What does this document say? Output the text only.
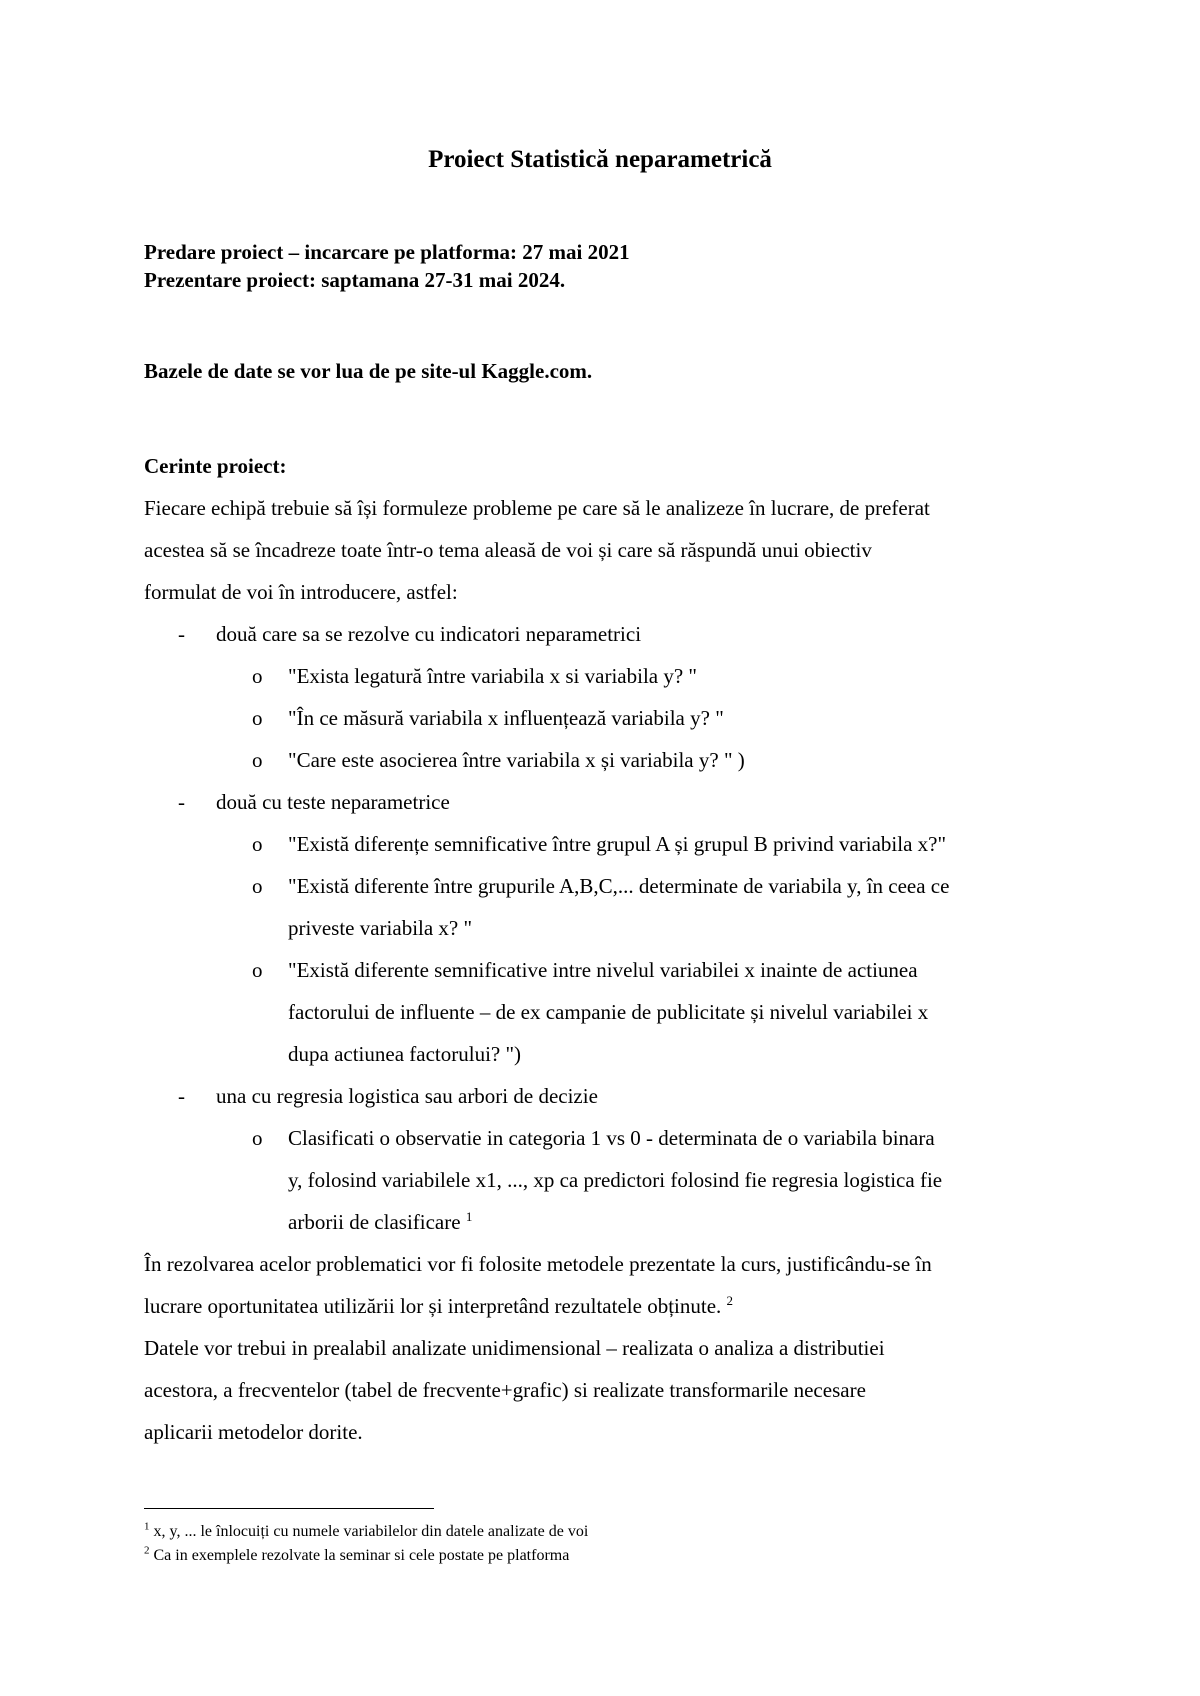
Proiect Statistică neparametrică
Predare proiect – incarcare pe platforma: 27 mai 2021
Prezentare proiect: saptamana 27-31 mai 2024.
Bazele de date se vor lua de pe site-ul Kaggle.com.
Cerinte proiect:
Fiecare echipă trebuie să își formuleze probleme pe care să le analizeze în lucrare, de preferat
acestea să se încadreze toate într-o tema aleasă de voi și care să răspundă unui obiectiv
formulat de voi în introducere, astfel:
- două care sa se rezolve cu indicatori neparametrici
o "Exista legatură între variabila x si variabila y? "
o "În ce măsură variabila x influențează variabila y? "
o "Care este asocierea între variabila x și variabila y? " )
- două cu teste neparametrice
o "Există diferențe semnificative între grupul A și grupul B privind variabila x?"
o "Există diferente între grupurile A,B,C,... determinate de variabila y, în ceea ce
priveste variabila x? "
o "Există diferente semnificative intre nivelul variabilei x inainte de actiunea
factorului de influente – de ex campanie de publicitate și nivelul variabilei x
dupa actiunea factorului? ")
- una cu regresia logistica sau arbori de decizie
o Clasificati o observatie in categoria 1 vs 0 - determinata de o variabila binara
y, folosind variabilele x1, ..., xp ca predictori folosind fie regresia logistica fie
arborii de clasificare $^1$
În rezolvarea acelor problematici vor fi folosite metodele prezentate la curs, justificându-se în
lucrare oportunitatea utilizării lor și interpretând rezultatele obținute. $^2$
Datele vor trebui in prealabil analizate unidimensional – realizata o analiza a distributiei
acestora, a frecventelor (tabel de frecvente+grafic) si realizate transformarile necesare
aplicarii metodelor dorite.
$^1$ x, y, ... le înlocuiți cu numele variabilelor din datele analizate de voi
$^2$ Ca in exemplele rezolvate la seminar si cele postate pe platforma
